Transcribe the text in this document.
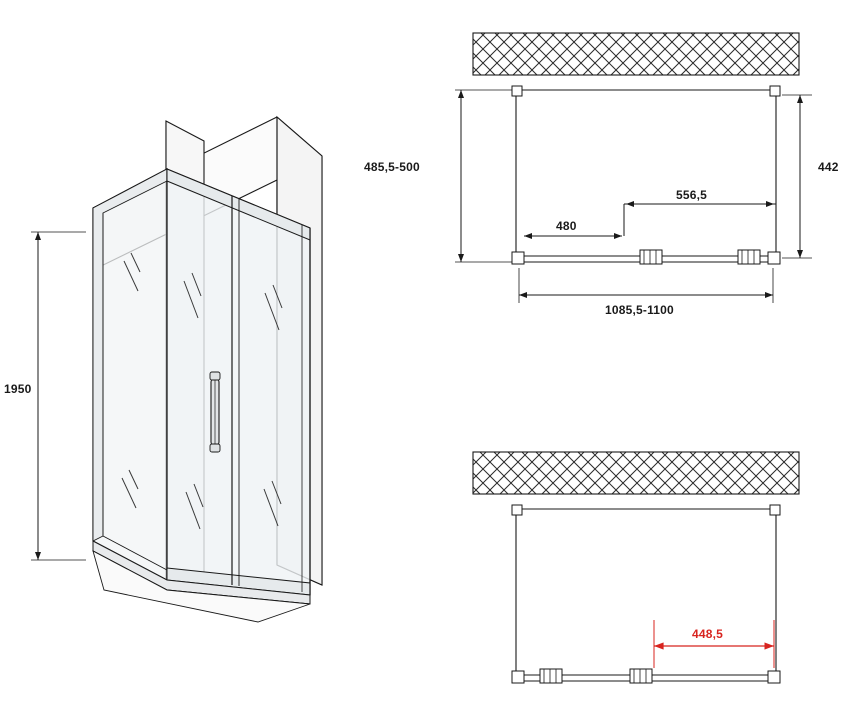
1950
485,5-500	442
480
556,5
1085,5-1100
448,5
